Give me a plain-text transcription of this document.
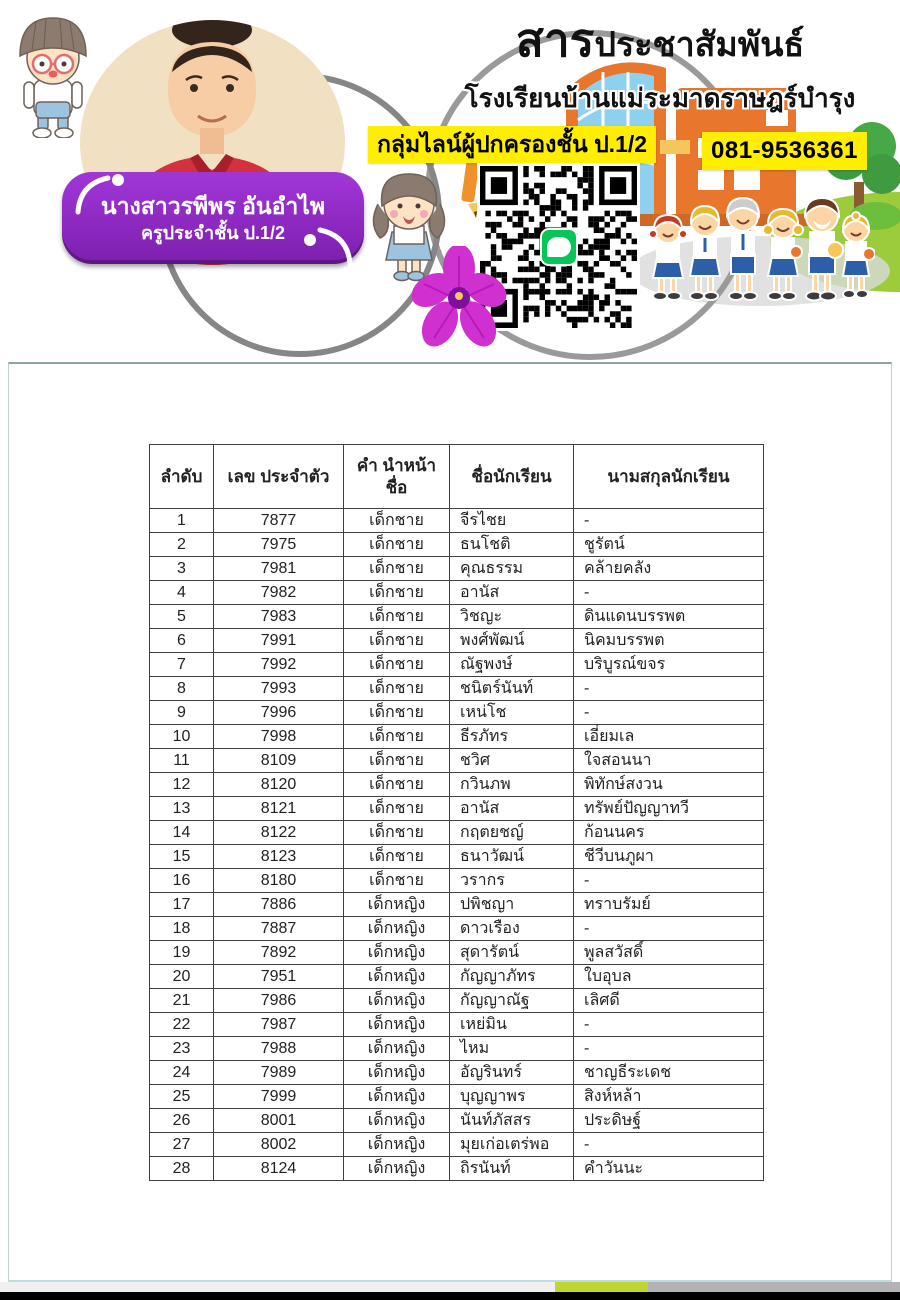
สารประชาสัมพันธ์
โรงเรียนบ้านแม่ระมาดราษฎร์บำรุง
กลุ่มไลน์ผู้ปกครองชั้น ป.1/2	081-9536361
นางสาวรพีพร อันอำไพ
ครูประจำชั้น ป.1/2
ลำดับ	เลข ประจำตัว	คำ นำหน้า ชื่อ	ชื่อนักเรียน	นามสกุลนักเรียน
1	7877	เด็กชาย	จีรไชย	-
2	7975	เด็กชาย	ธนโชติ	ชูรัตน์
3	7981	เด็กชาย	คุณธรรม	คล้ายคลัง
4	7982	เด็กชาย	อานัส	-
5	7983	เด็กชาย	วิชญะ	ดินแดนบรรพต
6	7991	เด็กชาย	พงศ์พัฒน์	นิคมบรรพต
7	7992	เด็กชาย	ณัฐพงษ์	บริบูรณ์ขจร
8	7993	เด็กชาย	ชนิตร์นันท์	-
9	7996	เด็กชาย	เหน่โช	-
10	7998	เด็กชาย	ธีรภัทร	เอี่ยมเล
11	8109	เด็กชาย	ชวิศ	ใจสอนนา
12	8120	เด็กชาย	กวินภพ	พิทักษ์สงวน
13	8121	เด็กชาย	อานัส	ทรัพย์ปัญญาทวี
14	8122	เด็กชาย	กฤตยชญ์	ก้อนนคร
15	8123	เด็กชาย	ธนาวัฒน์	ชีวีบนภูผา
16	8180	เด็กชาย	วรากร	-
17	7886	เด็กหญิง	ปพิชญา	ทราบรัมย์
18	7887	เด็กหญิง	ดาวเรือง	-
19	7892	เด็กหญิง	สุดารัตน์	พูลสวัสดิ์
20	7951	เด็กหญิง	กัญญาภัทร	ใบอุบล
21	7986	เด็กหญิง	กัญญาณัฐ	เลิศดี
22	7987	เด็กหญิง	เหย่มิน	-
23	7988	เด็กหญิง	ไหม	-
24	7989	เด็กหญิง	อัญรินทร์	ชาญธีระเดช
25	7999	เด็กหญิง	บุญญาพร	สิงห์หล้า
26	8001	เด็กหญิง	นันท์ภัสสร	ประดิษฐ์
27	8002	เด็กหญิง	มุยเก่อเตร่พอ	-
28	8124	เด็กหญิง	ถิรนันท์	คำวันนะ
